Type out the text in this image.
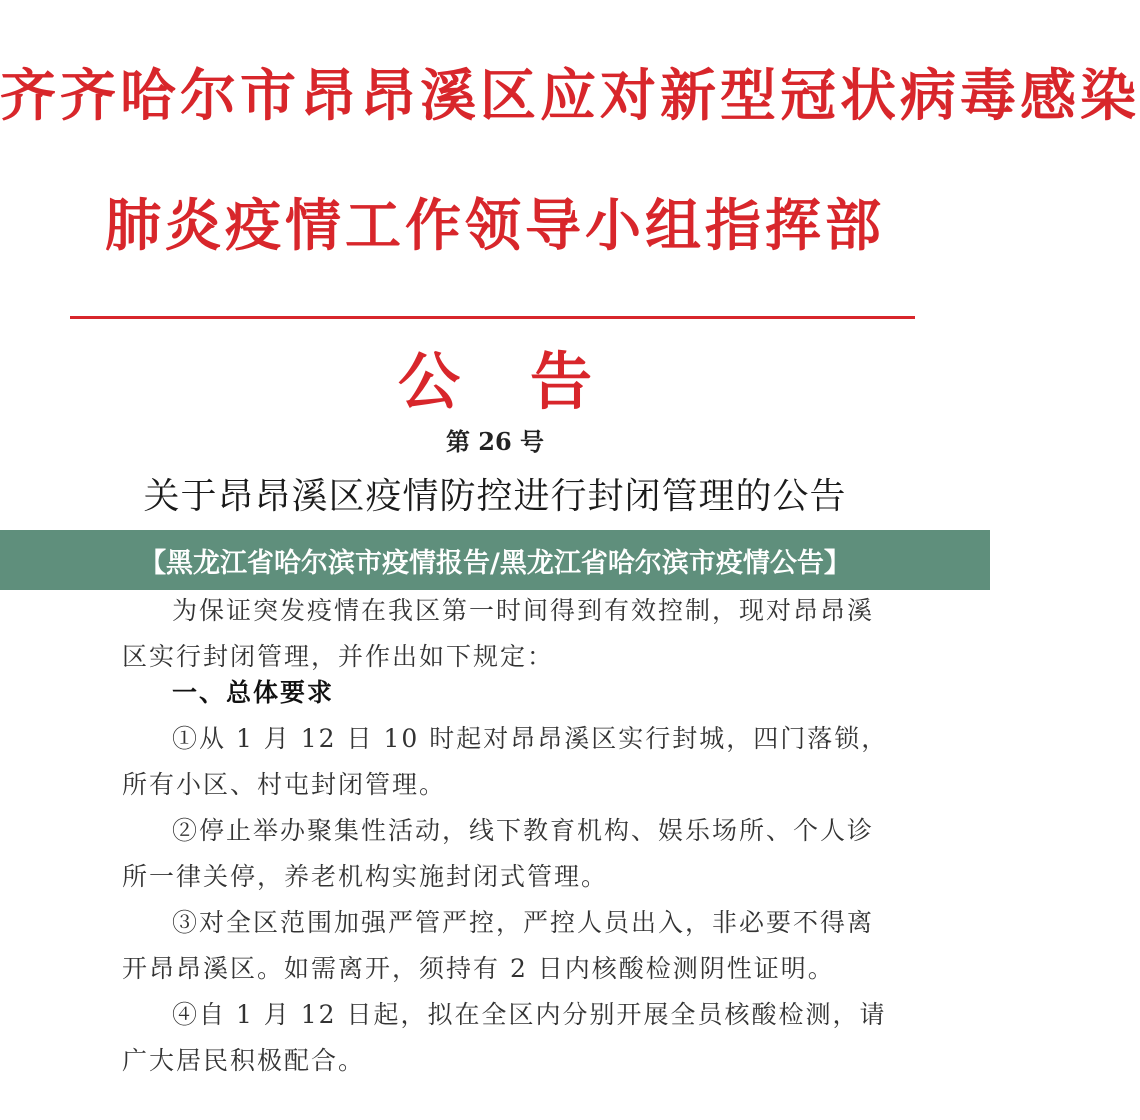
齐齐哈尔市昂昂溪区应对新型冠状病毒感染
肺炎疫情工作领导小组指挥部
公告
第 26 号
关于昂昂溪区疫情防控进行封闭管理的公告
【黑龙江省哈尔滨市疫情报告/黑龙江省哈尔滨市疫情公告】

为保证突发疫情在我区第一时间得到有效控制，现对昂昂溪区实行封闭管理，并作出如下规定：

一、总体要求

①从 1 月 12 日 10 时起对昂昂溪区实行封城，四门落锁，所有小区、村屯封闭管理。

②停止举办聚集性活动，线下教育机构、娱乐场所、个人诊所一律关停，养老机构实施封闭式管理。

③对全区范围加强严管严控，严控人员出入，非必要不得离开昂昂溪区。如需离开，须持有 2 日内核酸检测阴性证明。

④自 1 月 12 日起，拟在全区内分别开展全员核酸检测，请广大居民积极配合。
